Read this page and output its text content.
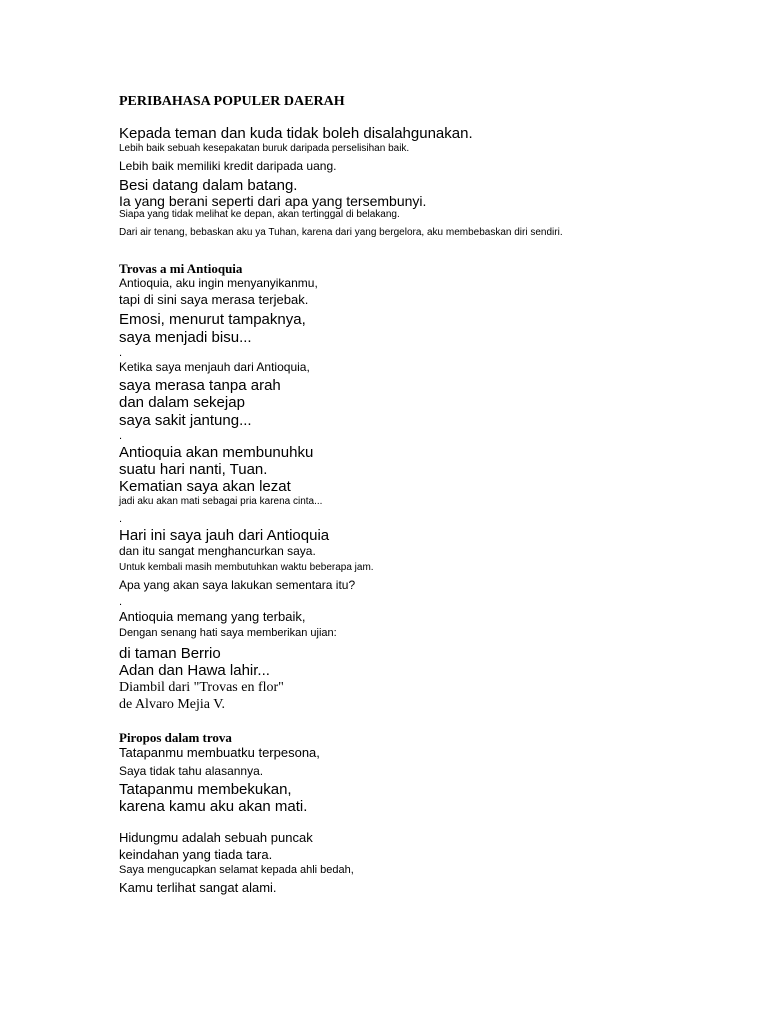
PERIBAHASA POPULER DAERAH
Kepada teman dan kuda tidak boleh disalahgunakan.
Lebih baik sebuah kesepakatan buruk daripada perselisihan baik.
Lebih baik memiliki kredit daripada uang.
Besi datang dalam batang.
Ia yang berani seperti dari apa yang tersembunyi.
Siapa yang tidak melihat ke depan, akan tertinggal di belakang.
Dari air tenang, bebaskan aku ya Tuhan, karena dari yang bergelora, aku membebaskan diri sendiri.
Trovas a mi Antioquia
Antioquia, aku ingin menyanyikanmu,
tapi di sini saya merasa terjebak.
Emosi, menurut tampaknya,
saya menjadi bisu...
.
Ketika saya menjauh dari Antioquia,
saya merasa tanpa arah
dan dalam sekejap
saya sakit jantung...
.
Antioquia akan membunuhku
suatu hari nanti, Tuan.
Kematian saya akan lezat
jadi aku akan mati sebagai pria karena cinta...
.
Hari ini saya jauh dari Antioquia
dan itu sangat menghancurkan saya.
Untuk kembali masih membutuhkan waktu beberapa jam.
Apa yang akan saya lakukan sementara itu?
.
Antioquia memang yang terbaik,
Dengan senang hati saya memberikan ujian:
di taman Berrio
Adan dan Hawa lahir...
Diambil dari "Trovas en flor"
de Alvaro Mejia V.
Piropos dalam trova
Tatapanmu membuatku terpesona,
Saya tidak tahu alasannya.
Tatapanmu membekukan,
karena kamu aku akan mati.
Hidungmu adalah sebuah puncak
keindahan yang tiada tara.
Saya mengucapkan selamat kepada ahli bedah,
Kamu terlihat sangat alami.
